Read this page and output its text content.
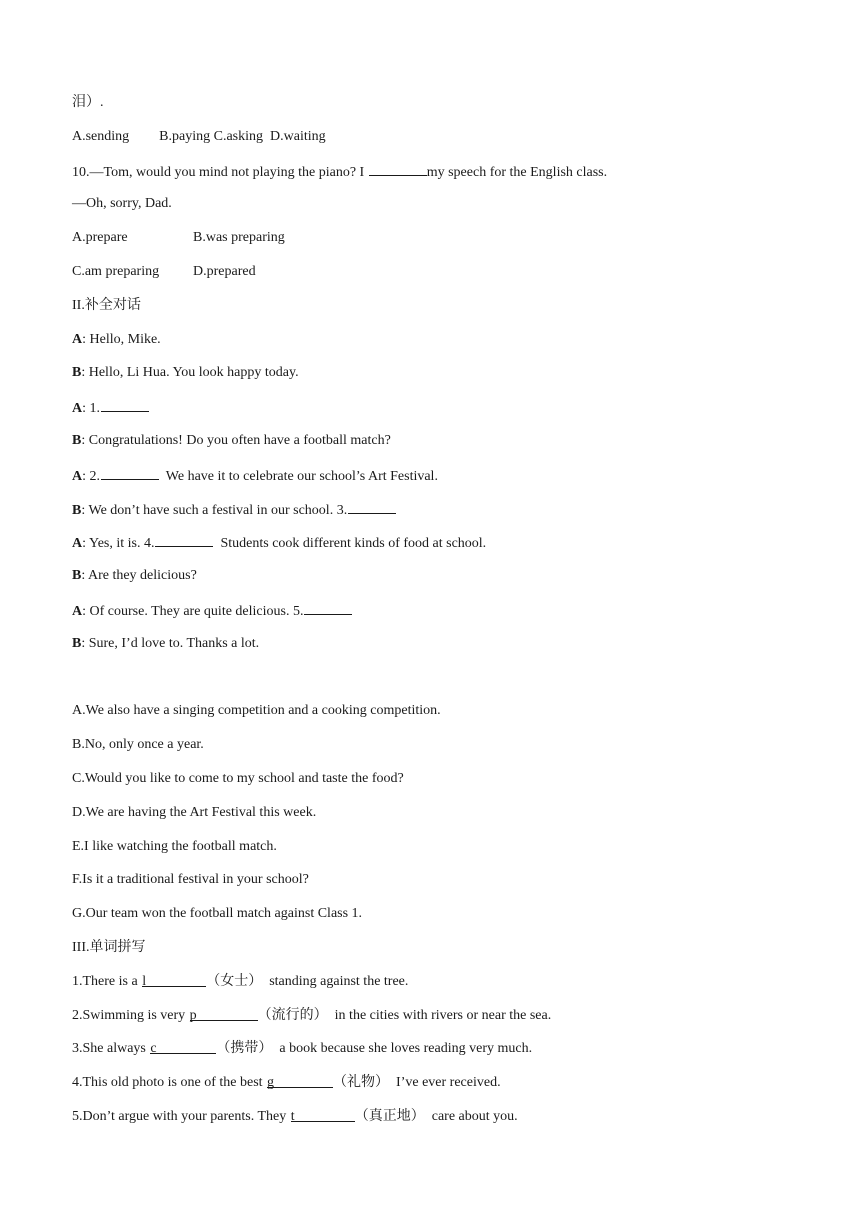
泪）.
A.sending B.paying C.asking D.waiting
10.—Tom, would you mind not playing the piano? I	my speech for the English class.
—Oh, sorry, Dad.
A.prepare	B.was preparing
C.am preparing D.prepared
II.补全对话
A: Hello, Mike.
B: Hello, Li Hua. You look happy today.
A: 1.
B: Congratulations! Do you often have a football match?
A: 2.	We have it to celebrate our school’s Art Festival.
B: We don’t have such a festival in our school. 3.
A: Yes, it is. 4.	Students cook different kinds of food at school.
B: Are they delicious?
A: Of course. They are quite delicious. 5.
B: Sure, I’d love to. Thanks a lot.
A.We also have a singing competition and a cooking competition.
B.No, only once a year.
C.Would you like to come to my school and taste the food?
D.We are having the Art Festival this week.
E.I like watching the football match.
F.Is it a traditional festival in your school?
G.Our team won the football match against Class 1.
III.单词拼写
1.There is a l	（女士）  standing against the tree.
2.Swimming is very p	（流行的）  in the cities with rivers or near the sea.
3.She always c	（携带）  a book because she loves reading very much.
4.This old photo is one of the best g	（礼物）  I’ve ever received.
5.Don’t argue with your parents. They t	（真正地）  care about you.
